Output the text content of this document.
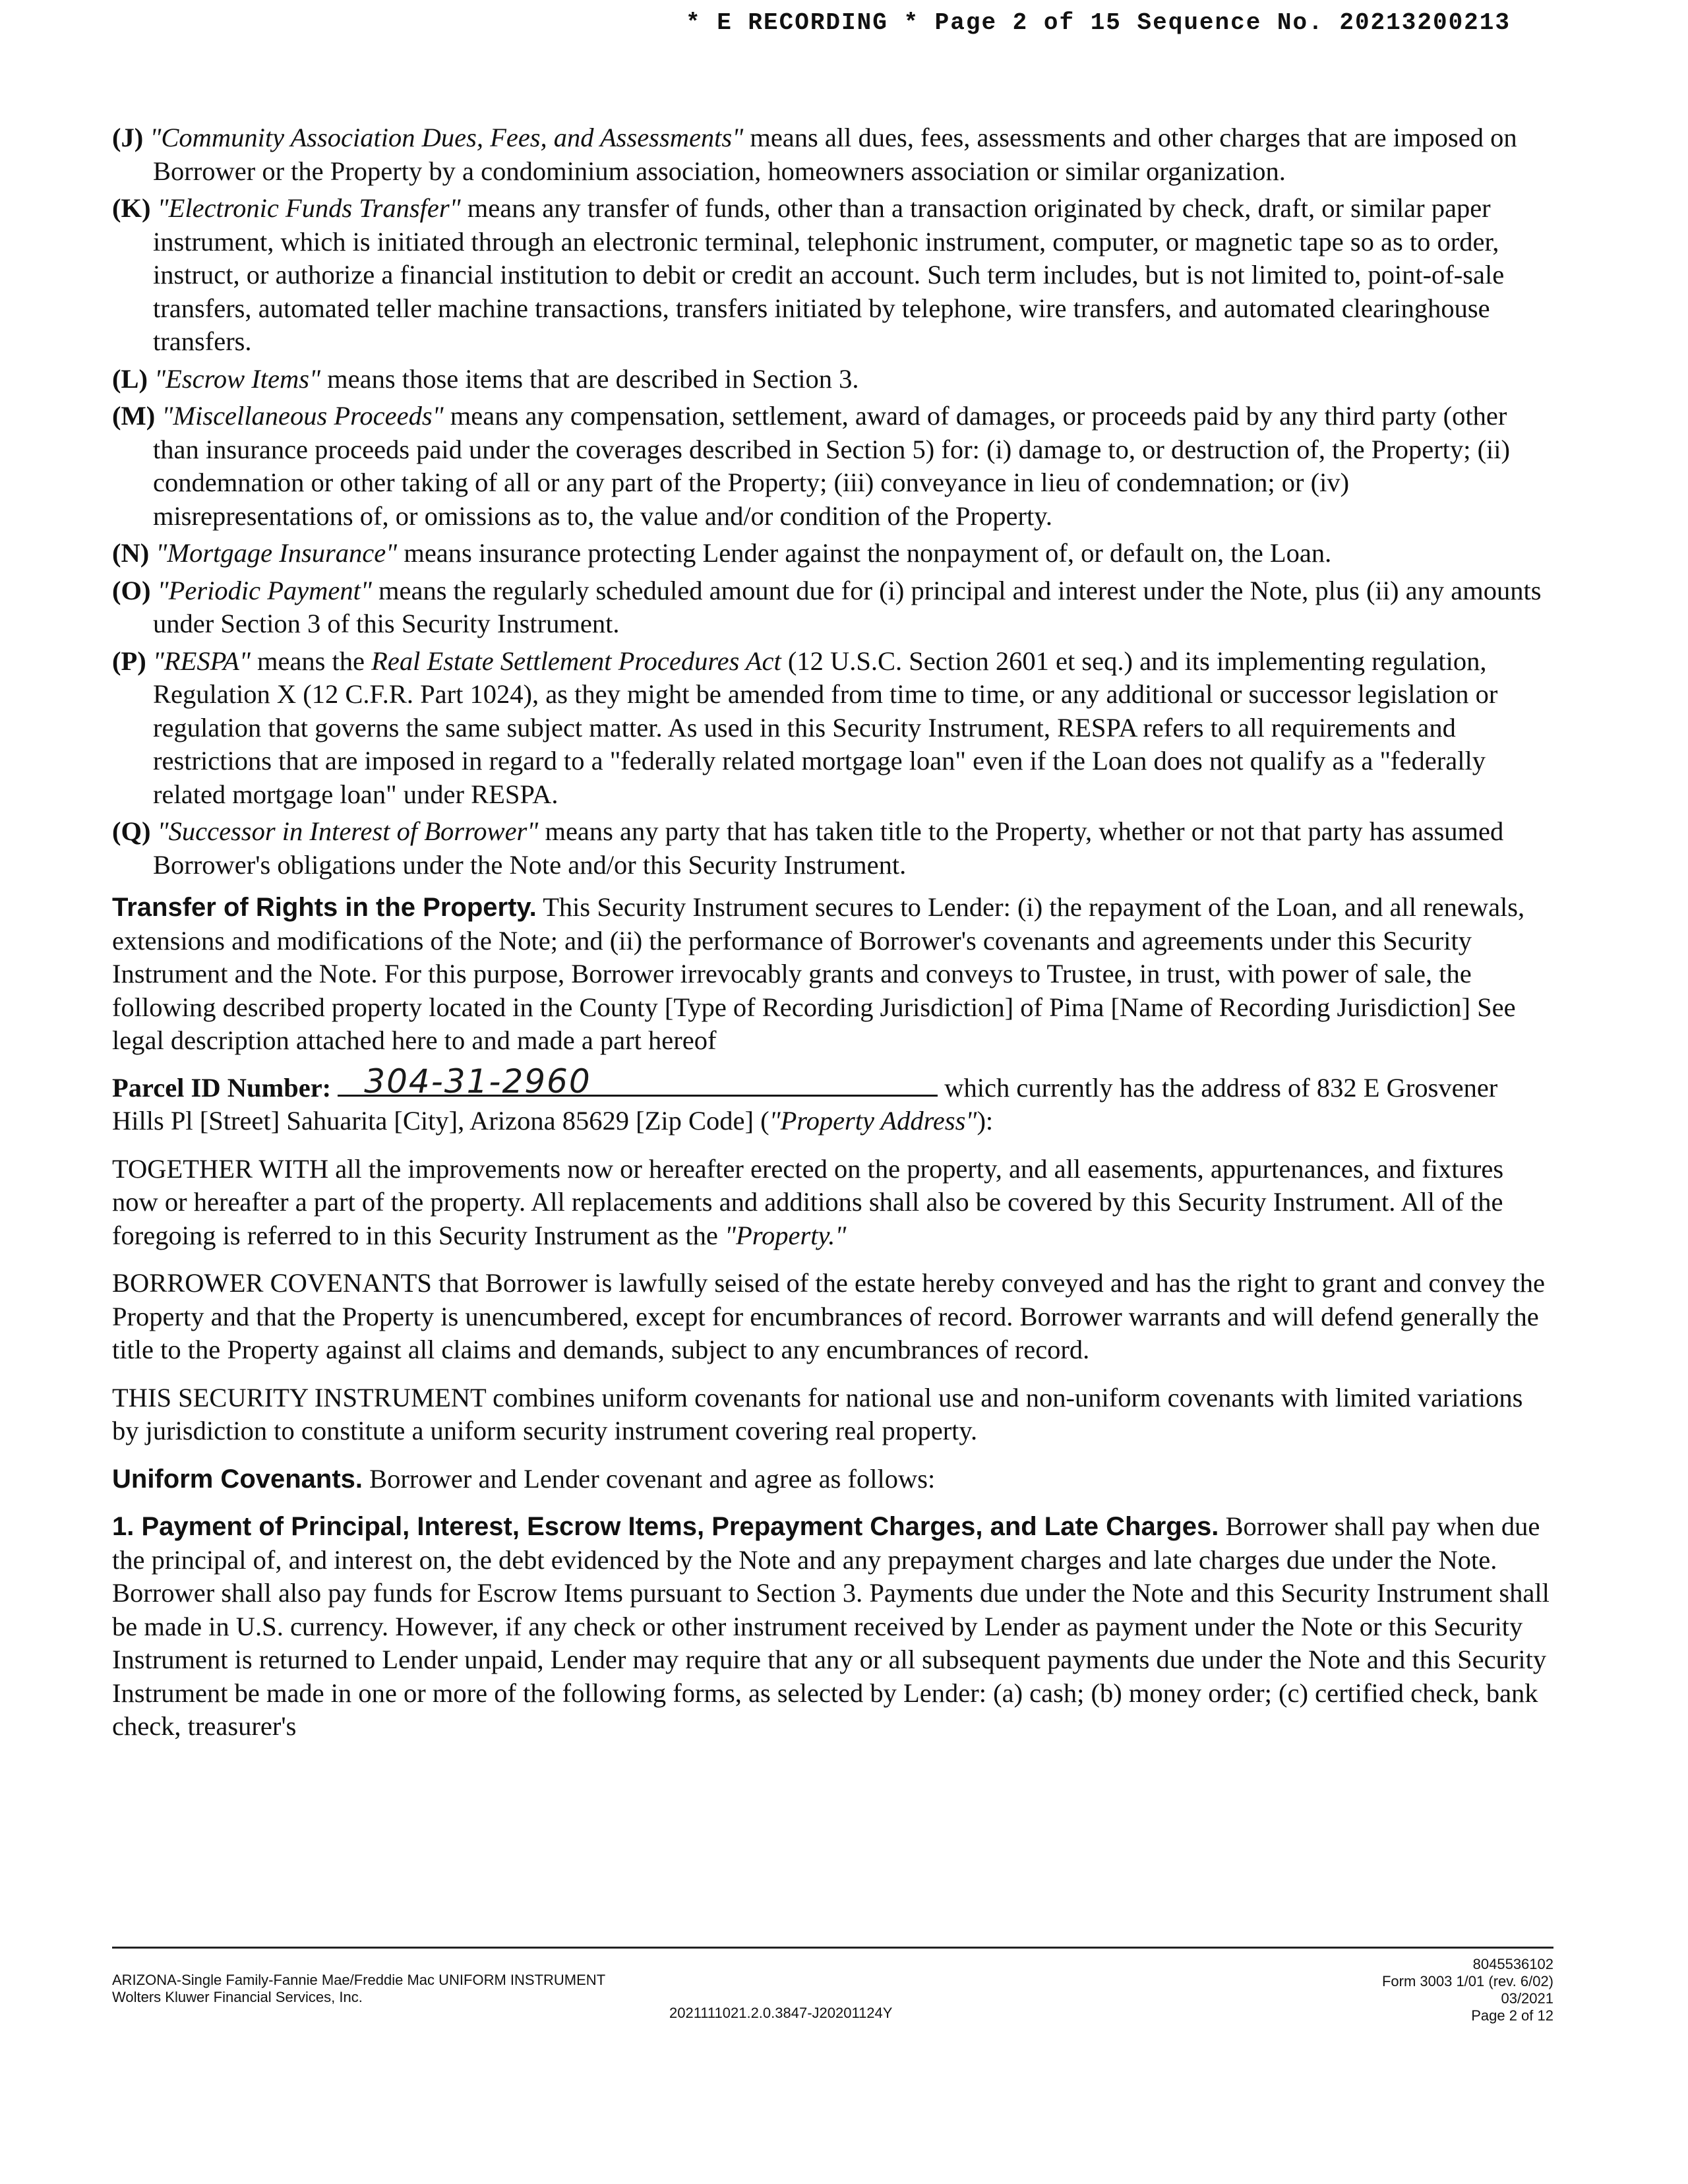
* E RECORDING * Page 2 of 15 Sequence No. 20213200213

(J) "Community Association Dues, Fees, and Assessments" means all dues, fees, assessments and other charges that are imposed on Borrower or the Property by a condominium association, homeowners association or similar organization.

(K) "Electronic Funds Transfer" means any transfer of funds, other than a transaction originated by check, draft, or similar paper instrument, which is initiated through an electronic terminal, telephonic instrument, computer, or magnetic tape so as to order, instruct, or authorize a financial institution to debit or credit an account. Such term includes, but is not limited to, point-of-sale transfers, automated teller machine transactions, transfers initiated by telephone, wire transfers, and automated clearinghouse transfers.

(L) "Escrow Items" means those items that are described in Section 3.

(M) "Miscellaneous Proceeds" means any compensation, settlement, award of damages, or proceeds paid by any third party (other than insurance proceeds paid under the coverages described in Section 5) for: (i) damage to, or destruction of, the Property; (ii) condemnation or other taking of all or any part of the Property; (iii) conveyance in lieu of condemnation; or (iv) misrepresentations of, or omissions as to, the value and/or condition of the Property.

(N) "Mortgage Insurance" means insurance protecting Lender against the nonpayment of, or default on, the Loan.

(O) "Periodic Payment" means the regularly scheduled amount due for (i) principal and interest under the Note, plus (ii) any amounts under Section 3 of this Security Instrument.

(P) "RESPA" means the Real Estate Settlement Procedures Act (12 U.S.C. Section 2601 et seq.) and its implementing regulation, Regulation X (12 C.F.R. Part 1024), as they might be amended from time to time, or any additional or successor legislation or regulation that governs the same subject matter. As used in this Security Instrument, RESPA refers to all requirements and restrictions that are imposed in regard to a "federally related mortgage loan" even if the Loan does not qualify as a "federally related mortgage loan" under RESPA.

(Q) "Successor in Interest of Borrower" means any party that has taken title to the Property, whether or not that party has assumed Borrower's obligations under the Note and/or this Security Instrument.

Transfer of Rights in the Property. This Security Instrument secures to Lender: (i) the repayment of the Loan, and all renewals, extensions and modifications of the Note; and (ii) the performance of Borrower's covenants and agreements under this Security Instrument and the Note. For this purpose, Borrower irrevocably grants and conveys to Trustee, in trust, with power of sale, the following described property located in the County [Type of Recording Jurisdiction] of Pima [Name of Recording Jurisdiction] See legal description attached here to and made a part hereof

Parcel ID Number: 304-31-2960	which currently has the address of 832 E Grosvener Hills Pl [Street] Sahuarita [City], Arizona 85629 [Zip Code] ("Property Address"):

TOGETHER WITH all the improvements now or hereafter erected on the property, and all easements, appurtenances, and fixtures now or hereafter a part of the property. All replacements and additions shall also be covered by this Security Instrument. All of the foregoing is referred to in this Security Instrument as the "Property."

BORROWER COVENANTS that Borrower is lawfully seised of the estate hereby conveyed and has the right to grant and convey the Property and that the Property is unencumbered, except for encumbrances of record. Borrower warrants and will defend generally the title to the Property against all claims and demands, subject to any encumbrances of record.

THIS SECURITY INSTRUMENT combines uniform covenants for national use and non-uniform covenants with limited variations by jurisdiction to constitute a uniform security instrument covering real property.

Uniform Covenants. Borrower and Lender covenant and agree as follows:

1. Payment of Principal, Interest, Escrow Items, Prepayment Charges, and Late Charges. Borrower shall pay when due the principal of, and interest on, the debt evidenced by the Note and any prepayment charges and late charges due under the Note. Borrower shall also pay funds for Escrow Items pursuant to Section 3. Payments due under the Note and this Security Instrument shall be made in U.S. currency. However, if any check or other instrument received by Lender as payment under the Note or this Security Instrument is returned to Lender unpaid, Lender may require that any or all subsequent payments due under the Note and this Security Instrument be made in one or more of the following forms, as selected by Lender: (a) cash; (b) money order; (c) certified check, bank check, treasurer's

ARIZONA-Single Family-Fannie Mae/Freddie Mac UNIFORM INSTRUMENT
Wolters Kluwer Financial Services, Inc.
2021111021.2.0.3847-J20201124Y
8045536102
Form 3003 1/01 (rev. 6/02)
03/2021
Page 2 of 12
